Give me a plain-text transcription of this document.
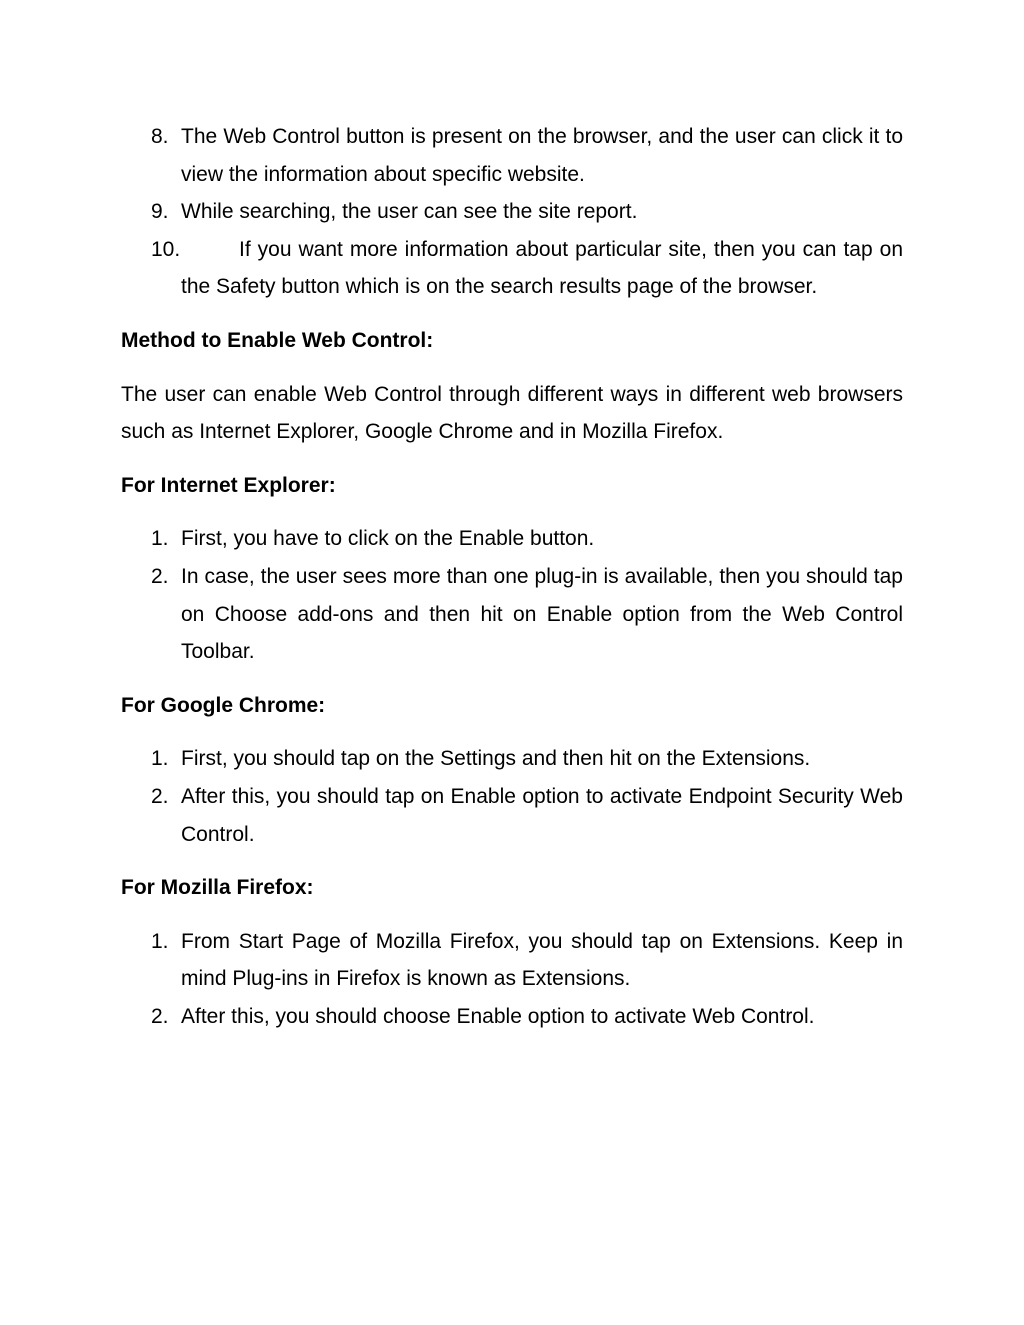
8. The Web Control button is present on the browser, and the user can click it to view the information about specific website.
9. While searching, the user can see the site report.
10.	If you want more information about particular site, then you can tap on the Safety button which is on the search results page of the browser.

Method to Enable Web Control:

The user can enable Web Control through different ways in different web browsers such as Internet Explorer, Google Chrome and in Mozilla Firefox.

For Internet Explorer:

1. First, you have to click on the Enable button.
2. In case, the user sees more than one plug-in is available, then you should tap on Choose add-ons and then hit on Enable option from the Web Control Toolbar.

For Google Chrome:

1. First, you should tap on the Settings and then hit on the Extensions.
2. After this, you should tap on Enable option to activate Endpoint Security Web Control.

For Mozilla Firefox:

1. From Start Page of Mozilla Firefox, you should tap on Extensions. Keep in mind Plug-ins in Firefox is known as Extensions.
2. After this, you should choose Enable option to activate Web Control.
